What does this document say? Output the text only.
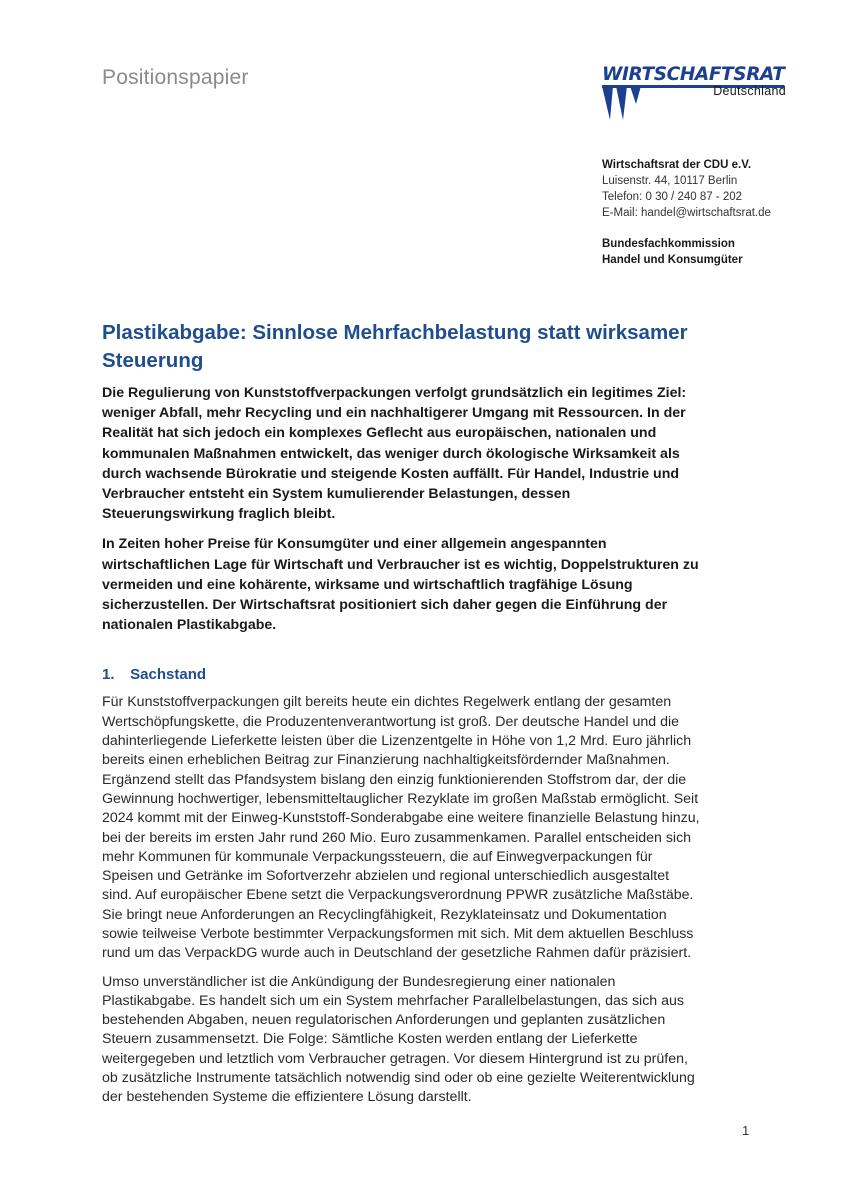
Positionspapier	WIRTSCHAFTSRAT
Deutschland
Wirtschaftsrat der CDU e.V.
Luisenstr. 44, 10117 Berlin
Telefon: 0 30 / 240 87 - 202
E-Mail: handel@wirtschaftsrat.de
Bundesfachkommission
Handel und Konsumgüter
Plastikabgabe: Sinnlose Mehrfachbelastung statt wirksamer Steuerung

Die Regulierung von Kunststoffverpackungen verfolgt grundsätzlich ein legitimes Ziel: weniger Abfall, mehr Recycling und ein nachhaltigerer Umgang mit Ressourcen. In der Realität hat sich jedoch ein komplexes Geflecht aus europäischen, nationalen und kommunalen Maßnahmen entwickelt, das weniger durch ökologische Wirksamkeit als durch wachsende Bürokratie und steigende Kosten auffällt. Für Handel, Industrie und Verbraucher entsteht ein System kumulierender Belastungen, dessen Steuerungswirkung fraglich bleibt.

In Zeiten hoher Preise für Konsumgüter und einer allgemein angespannten wirtschaftlichen Lage für Wirtschaft und Verbraucher ist es wichtig, Doppelstrukturen zu vermeiden und eine kohärente, wirksame und wirtschaftlich tragfähige Lösung sicherzustellen. Der Wirtschaftsrat positioniert sich daher gegen die Einführung der nationalen Plastikabgabe.

1. Sachstand

Für Kunststoffverpackungen gilt bereits heute ein dichtes Regelwerk entlang der gesamten Wertschöpfungskette, die Produzentenverantwortung ist groß. Der deutsche Handel und die dahinterliegende Lieferkette leisten über die Lizenzentgelte in Höhe von 1,2 Mrd. Euro jährlich bereits einen erheblichen Beitrag zur Finanzierung nachhaltigkeitsfördernder Maßnahmen. Ergänzend stellt das Pfandsystem bislang den einzig funktionierenden Stoffstrom dar, der die Gewinnung hochwertiger, lebensmitteltauglicher Rezyklate im großen Maßstab ermöglicht. Seit 2024 kommt mit der Einweg-Kunststoff-Sonderabgabe eine weitere finanzielle Belastung hinzu, bei der bereits im ersten Jahr rund 260 Mio. Euro zusammenkamen. Parallel entscheiden sich mehr Kommunen für kommunale Verpackungssteuern, die auf Einwegverpackungen für Speisen und Getränke im Sofortverzehr abzielen und regional unterschiedlich ausgestaltet sind. Auf europäischer Ebene setzt die Verpackungsverordnung PPWR zusätzliche Maßstäbe. Sie bringt neue Anforderungen an Recyclingfähigkeit, Rezyklateinsatz und Dokumentation sowie teilweise Verbote bestimmter Verpackungsformen mit sich. Mit dem aktuellen Beschluss rund um das VerpackDG wurde auch in Deutschland der gesetzliche Rahmen dafür präzisiert.

Umso unverständlicher ist die Ankündigung der Bundesregierung einer nationalen Plastikabgabe. Es handelt sich um ein System mehrfacher Parallelbelastungen, das sich aus bestehenden Abgaben, neuen regulatorischen Anforderungen und geplanten zusätzlichen Steuern zusammensetzt. Die Folge: Sämtliche Kosten werden entlang der Lieferkette weitergegeben und letztlich vom Verbraucher getragen. Vor diesem Hintergrund ist zu prüfen, ob zusätzliche Instrumente tatsächlich notwendig sind oder ob eine gezielte Weiterentwicklung der bestehenden Systeme die effizientere Lösung darstellt.

1
